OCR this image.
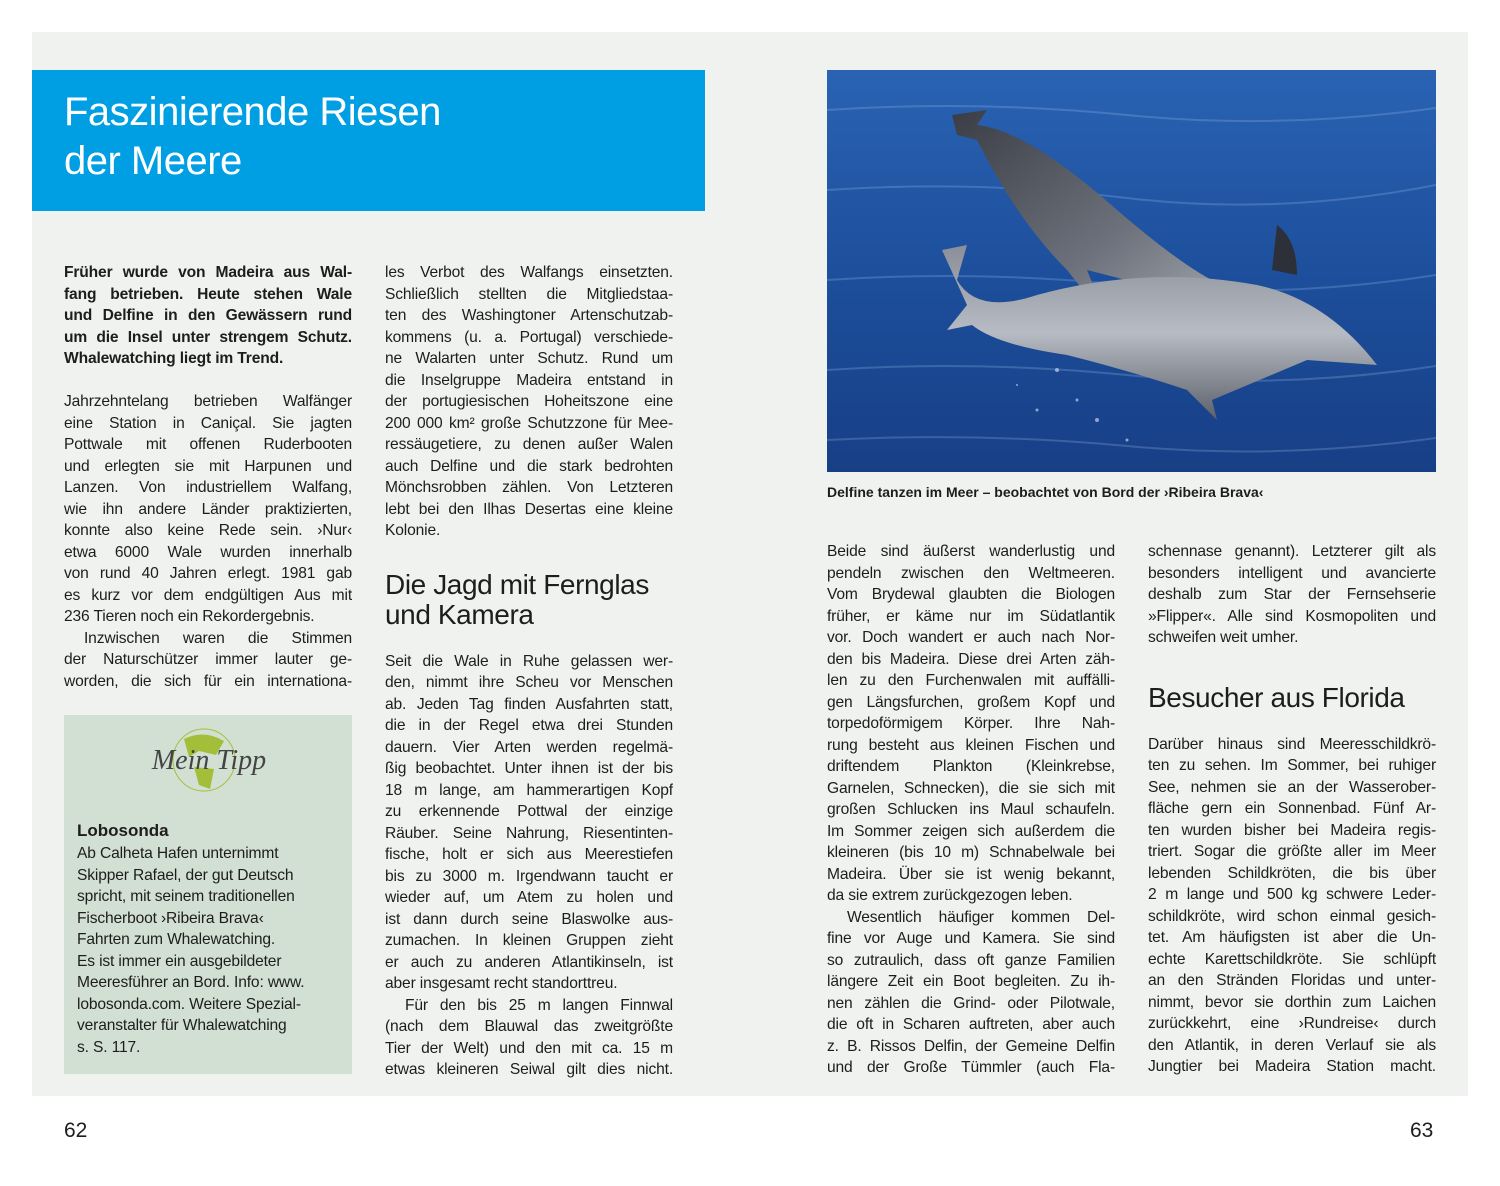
Faszinierende Riesen
der Meere
Früher wurde von Madeira aus Wal-
fang betrieben. Heute stehen Wale
und Delfine in den Gewässern rund
um die Insel unter strengem Schutz.
Whalewatching liegt im Trend.
Jahrzehntelang betrieben Walfänger
eine Station in Caniçal. Sie jagten
Pottwale mit offenen Ruderbooten
und erlegten sie mit Harpunen und
Lanzen. Von industriellem Walfang,
wie ihn andere Länder praktizierten,
konnte also keine Rede sein. ›Nur‹
etwa 6000 Wale wurden innerhalb
von rund 40 Jahren erlegt. 1981 gab
es kurz vor dem endgültigen Aus mit
236 Tieren noch ein Rekordergebnis.
Inzwischen waren die Stimmen
der Naturschützer immer lauter ge-
worden, die sich für ein internationa-
les Verbot des Walfangs einsetzten.
Schließlich stellten die Mitgliedstaa-
ten des Washingtoner Artenschutzab-
kommens (u. a. Portugal) verschiede-
ne Walarten unter Schutz. Rund um
die Inselgruppe Madeira entstand in
der portugiesischen Hoheitszone eine
200 000 km² große Schutzzone für Mee-
ressäugetiere, zu denen außer Walen
auch Delfine und die stark bedrohten
Mönchsrobben zählen. Von Letzteren
lebt bei den Ilhas Desertas eine kleine
Kolonie.
Die Jagd mit Fernglas
und Kamera
Seit die Wale in Ruhe gelassen wer-
den, nimmt ihre Scheu vor Menschen
ab. Jeden Tag finden Ausfahrten statt,
die in der Regel etwa drei Stunden
dauern. Vier Arten werden regelmä-
ßig beobachtet. Unter ihnen ist der bis
18 m lange, am hammerartigen Kopf
zu erkennende Pottwal der einzige
Räuber. Seine Nahrung, Riesentinten-
fische, holt er sich aus Meerestiefen
bis zu 3000 m. Irgendwann taucht er
wieder auf, um Atem zu holen und
ist dann durch seine Blaswolke aus-
zumachen. In kleinen Gruppen zieht
er auch zu anderen Atlantikinseln, ist
aber insgesamt recht standorttreu.
Für den bis 25 m langen Finnwal
(nach dem Blauwal das zweitgrößte
Tier der Welt) und den mit ca. 15 m
etwas kleineren Seiwal gilt dies nicht.
Beide sind äußerst wanderlustig und
pendeln zwischen den Weltmeeren.
Vom Brydewal glaubten die Biologen
früher, er käme nur im Südatlantik
vor. Doch wandert er auch nach Nor-
den bis Madeira. Diese drei Arten zäh-
len zu den Furchenwalen mit auffälli-
gen Längsfurchen, großem Kopf und
torpedoförmigem Körper. Ihre Nah-
rung besteht aus kleinen Fischen und
driftendem Plankton (Kleinkrebse,
Garnelen, Schnecken), die sie sich mit
großen Schlucken ins Maul schaufeln.
Im Sommer zeigen sich außerdem die
kleineren (bis 10 m) Schnabelwale bei
Madeira. Über sie ist wenig bekannt,
da sie extrem zurückgezogen leben.
Wesentlich häufiger kommen Del-
fine vor Auge und Kamera. Sie sind
so zutraulich, dass oft ganze Familien
längere Zeit ein Boot begleiten. Zu ih-
nen zählen die Grind- oder Pilotwale,
die oft in Scharen auftreten, aber auch
z. B. Rissos Delfin, der Gemeine Delfin
und der Große Tümmler (auch Fla-
schennase genannt). Letzterer gilt als
besonders intelligent und avancierte
deshalb zum Star der Fernsehserie
»Flipper«. Alle sind Kosmopoliten und
schweifen weit umher.
Besucher aus Florida
Darüber hinaus sind Meeresschildkrö-
ten zu sehen. Im Sommer, bei ruhiger
See, nehmen sie an der Wasserober-
fläche gern ein Sonnenbad. Fünf Ar-
ten wurden bisher bei Madeira regis-
triert. Sogar die größte aller im Meer
lebenden Schildkröten, die bis über
2 m lange und 500 kg schwere Leder-
schildkröte, wird schon einmal gesich-
tet. Am häufigsten ist aber die Un-
echte Karettschildkröte. Sie schlüpft
an den Stränden Floridas und unter-
nimmt, bevor sie dorthin zum Laichen
zurückkehrt, eine ›Rundreise‹ durch
den Atlantik, in deren Verlauf sie als
Jungtier bei Madeira Station macht.
Delfine tanzen im Meer – beobachtet von Bord der ›Ribeira Brava‹
Mein Tipp
Lobosonda
Ab Calheta Hafen unternimmt
Skipper Rafael, der gut Deutsch
spricht, mit seinem traditionellen
Fischerboot ›Ribeira Brava‹
Fahrten zum Whalewatching.
Es ist immer ein ausgebildeter
Meeresführer an Bord. Info: www.
lobosonda.com. Weitere Spezial-
veranstalter für Whalewatching
s. S. 117.
62	63
